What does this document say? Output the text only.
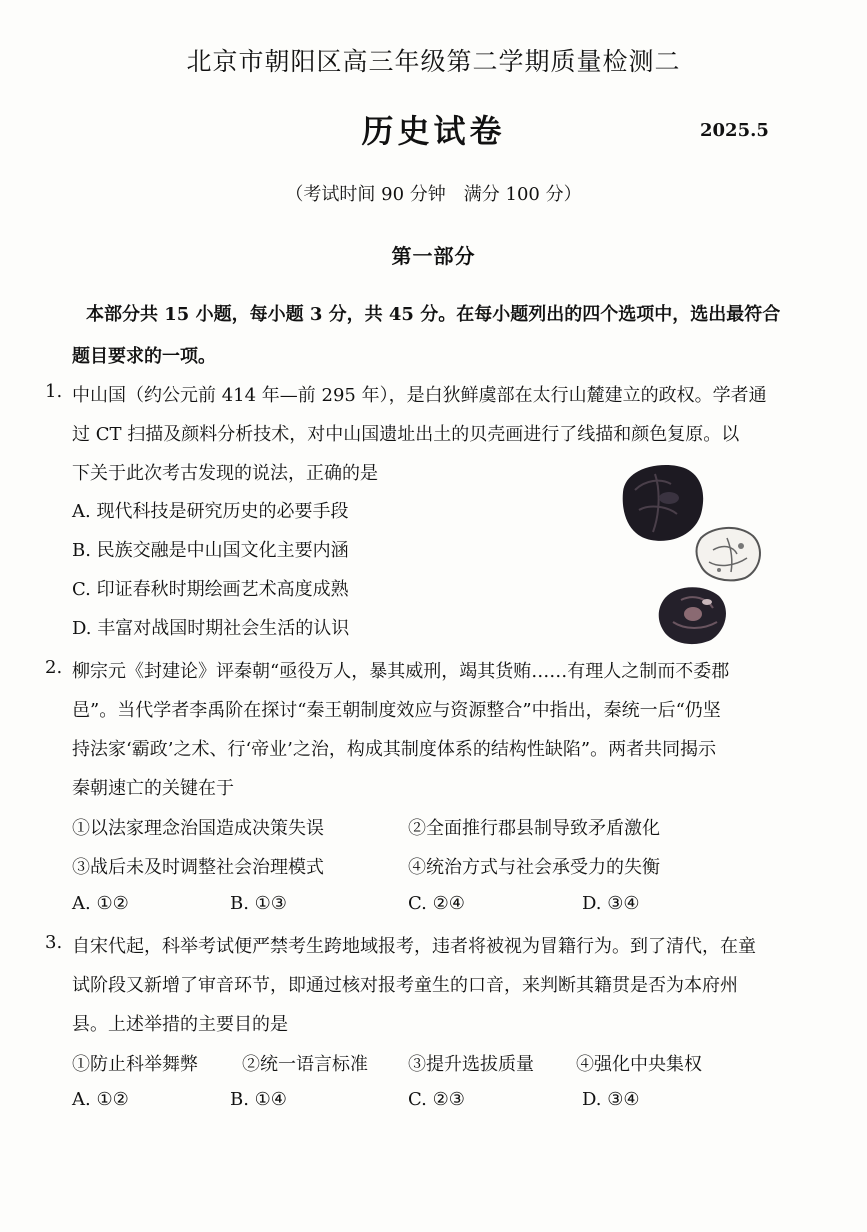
北京市朝阳区高三年级第二学期质量检测二
历史试卷	2025.5
（考试时间 90 分钟　满分 100 分）
第一部分
本部分共 15 小题，每小题 3 分，共 45 分。在每小题列出的四个选项中，选出最符合
题目要求的一项。
1. 中山国（约公元前 414 年—前 295 年），是白狄鲜虞部在太行山麓建立的政权。学者通
过 CT 扫描及颜料分析技术，对中山国遗址出土的贝壳画进行了线描和颜色复原。以
下关于此次考古发现的说法，正确的是
A. 现代科技是研究历史的必要手段
B. 民族交融是中山国文化主要内涵
C. 印证春秋时期绘画艺术高度成熟
D. 丰富对战国时期社会生活的认识
2. 柳宗元《封建论》评秦朝“亟役万人，暴其威刑，竭其货贿……有理人之制而不委郡
邑”。当代学者李禹阶在探讨“秦王朝制度效应与资源整合”中指出，秦统一后“仍坚
持法家‘霸政’之术、行‘帝业’之治，构成其制度体系的结构性缺陷”。两者共同揭示
秦朝速亡的关键在于
①以法家理念治国造成决策失误	②全面推行郡县制导致矛盾激化
③战后未及时调整社会治理模式	④统治方式与社会承受力的失衡
A. ①②	B. ①③	C. ②④	D. ③④
3. 自宋代起，科举考试便严禁考生跨地域报考，违者将被视为冒籍行为。到了清代，在童
试阶段又新增了审音环节，即通过核对报考童生的口音，来判断其籍贯是否为本府州
县。上述举措的主要目的是
①防止科举舞弊 ②统一语言标准 ③提升选拔质量 ④强化中央集权
A. ①②	B. ①④	C. ②③	D. ③④
